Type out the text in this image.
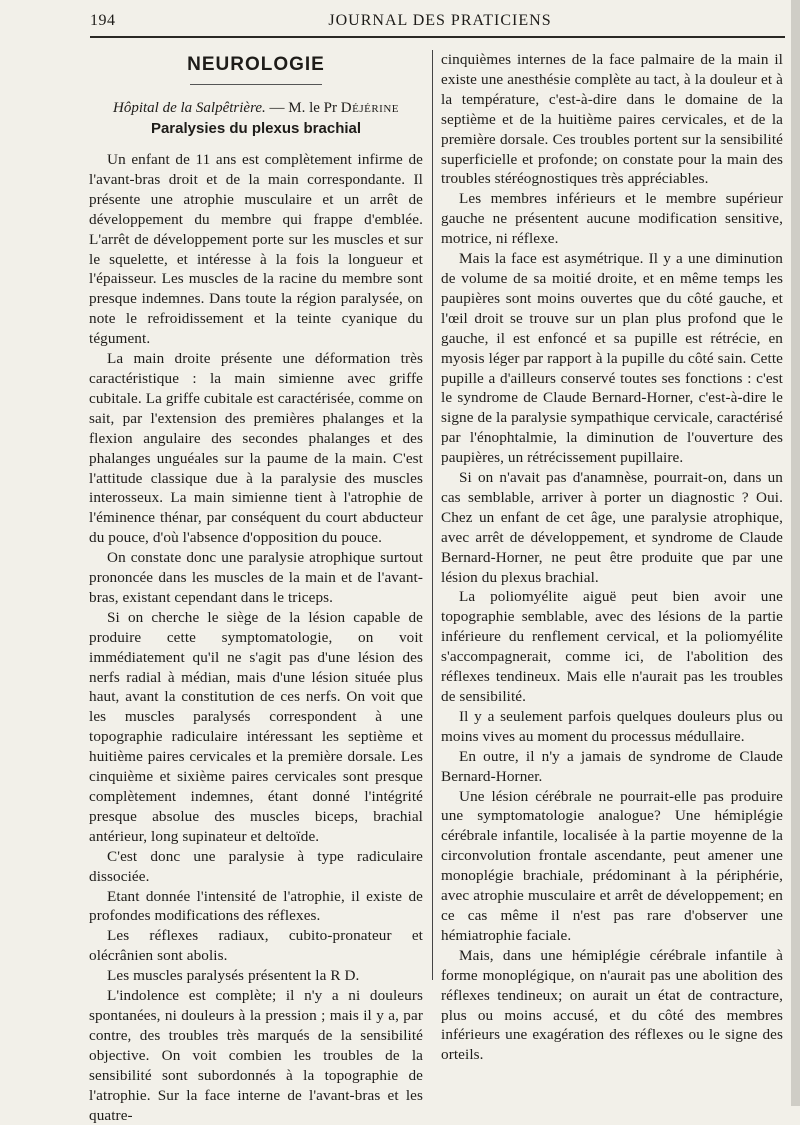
194	JOURNAL DES PRATICIENS
NEUROLOGIE
Hôpital de la Salpêtrière. — M. le Pr Déjérine
Paralysies du plexus brachial

Un enfant de 11 ans est complètement infirme de l'avant-bras droit et de la main correspondante. Il présente une atrophie musculaire et un arrêt de développement du membre qui frappe d'emblée. L'arrêt de développement porte sur les muscles et sur le squelette, et intéresse à la fois la longueur et l'épaisseur. Les muscles de la racine du membre sont presque indemnes. Dans toute la région paralysée, on note le refroidissement et la teinte cyanique du tégument.

La main droite présente une déformation très caractéristique : la main simienne avec griffe cubitale. La griffe cubitale est caractérisée, comme on sait, par l'extension des premières phalanges et la flexion angulaire des secondes phalanges et des phalanges unguéales sur la paume de la main. C'est l'attitude classique due à la paralysie des muscles interosseux. La main simienne tient à l'atrophie de l'éminence thénar, par conséquent du court abducteur du pouce, d'où l'absence d'opposition du pouce.

On constate donc une paralysie atrophique surtout prononcée dans les muscles de la main et de l'avant-bras, existant cependant dans le triceps.

Si on cherche le siège de la lésion capable de produire cette symptomatologie, on voit immédiatement qu'il ne s'agit pas d'une lésion des nerfs radial à médian, mais d'une lésion située plus haut, avant la constitution de ces nerfs. On voit que les muscles paralysés correspondent à une topographie radiculaire intéressant les septième et huitième paires cervicales et la première dorsale. Les cinquième et sixième paires cervicales sont presque complètement indemnes, étant donné l'intégrité presque absolue des muscles biceps, brachial antérieur, long supinateur et deltoïde.

C'est donc une paralysie à type radiculaire dissociée.

Etant donnée l'intensité de l'atrophie, il existe de profondes modifications des réflexes.

Les réflexes radiaux, cubito-pronateur et olécrânien sont abolis.

Les muscles paralysés présentent la R D.

L'indolence est complète; il n'y a ni douleurs spontanées, ni douleurs à la pression ; mais il y a, par contre, des troubles très marqués de la sensibilité objective. On voit combien les troubles de la sensibilité sont subordonnés à la topographie de l'atrophie. Sur la face interne de l'avant-bras et les quatre-

cinquièmes internes de la face palmaire de la main il existe une anesthésie complète au tact, à la douleur et à la température, c'est-à-dire dans le domaine de la septième et de la huitième paires cervicales, et de la première dorsale. Ces troubles portent sur la sensibilité superficielle et profonde; on constate pour la main des troubles stéréognostiques très appréciables.

Les membres inférieurs et le membre supérieur gauche ne présentent aucune modification sensitive, motrice, ni réflexe.

Mais la face est asymétrique. Il y a une diminution de volume de sa moitié droite, et en même temps les paupières sont moins ouvertes que du côté gauche, et l'œil droit se trouve sur un plan plus profond que le gauche, il est enfoncé et sa pupille est rétrécie, en myosis léger par rapport à la pupille du côté sain. Cette pupille a d'ailleurs conservé toutes ses fonctions : c'est le syndrome de Claude Bernard-Horner, c'est-à-dire le signe de la paralysie sympathique cervicale, caractérisé par l'énophtalmie, la diminution de l'ouverture des paupières, un rétrécissement pupillaire.

Si on n'avait pas d'anamnèse, pourrait-on, dans un cas semblable, arriver à porter un diagnostic ? Oui. Chez un enfant de cet âge, une paralysie atrophique, avec arrêt de développement, et syndrome de Claude Bernard-Horner, ne peut être produite que par une lésion du plexus brachial.

La poliomyélite aiguë peut bien avoir une topographie semblable, avec des lésions de la partie inférieure du renflement cervical, et la poliomyélite s'accompagnerait, comme ici, de l'abolition des réflexes tendineux. Mais elle n'aurait pas les troubles de sensibilité.

Il y a seulement parfois quelques douleurs plus ou moins vives au moment du processus médullaire.

En outre, il n'y a jamais de syndrome de Claude Bernard-Horner.

Une lésion cérébrale ne pourrait-elle pas produire une symptomatologie analogue? Une hémiplégie cérébrale infantile, localisée à la partie moyenne de la circonvolution frontale ascendante, peut amener une monoplégie brachiale, prédominant à la périphérie, avec atrophie musculaire et arrêt de développement; en ce cas même il n'est pas rare d'observer une hémiatrophie faciale.

Mais, dans une hémiplégie cérébrale infantile à forme monoplégique, on n'aurait pas une abolition des réflexes tendineux; on aurait un état de contracture, plus ou moins accusé, et du côté des membres inférieurs une exagération des réflexes ou le signe des orteils.
